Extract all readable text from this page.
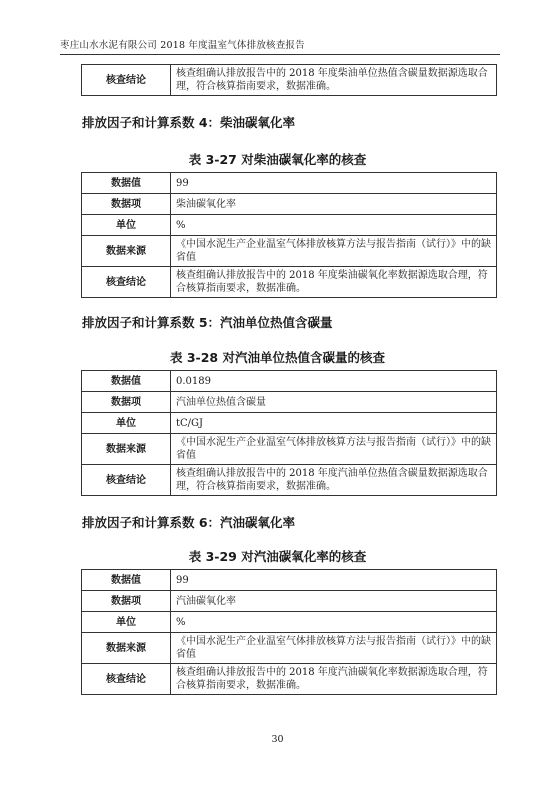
枣庄山水水泥有限公司 2018 年度温室气体排放核查报告
核查结论	核查组确认排放报告中的 2018 年度柴油单位热值含碳量数据源选取合理，符合核算指南要求，数据准确。
排放因子和计算系数 4：柴油碳氧化率
表 3-27 对柴油碳氧化率的核查
数据值	99
数据项	柴油碳氧化率
单位	%
数据来源	《中国水泥生产企业温室气体排放核算方法与报告指南（试行）》中的缺省值
核查结论	核查组确认排放报告中的 2018 年度柴油碳氧化率数据源选取合理，符合核算指南要求，数据准确。
排放因子和计算系数 5：汽油单位热值含碳量
表 3-28 对汽油单位热值含碳量的核查
数据值	0.0189
数据项	汽油单位热值含碳量
单位	tC/GJ
数据来源	《中国水泥生产企业温室气体排放核算方法与报告指南（试行）》中的缺省值
核查结论	核查组确认排放报告中的 2018 年度汽油单位热值含碳量数据源选取合理，符合核算指南要求，数据准确。
排放因子和计算系数 6：汽油碳氧化率
表 3-29 对汽油碳氧化率的核查
数据值	99
数据项	汽油碳氧化率
单位	%
数据来源	《中国水泥生产企业温室气体排放核算方法与报告指南（试行）》中的缺省值
核查结论	核查组确认排放报告中的 2018 年度汽油碳氧化率数据源选取合理，符合核算指南要求，数据准确。
30
